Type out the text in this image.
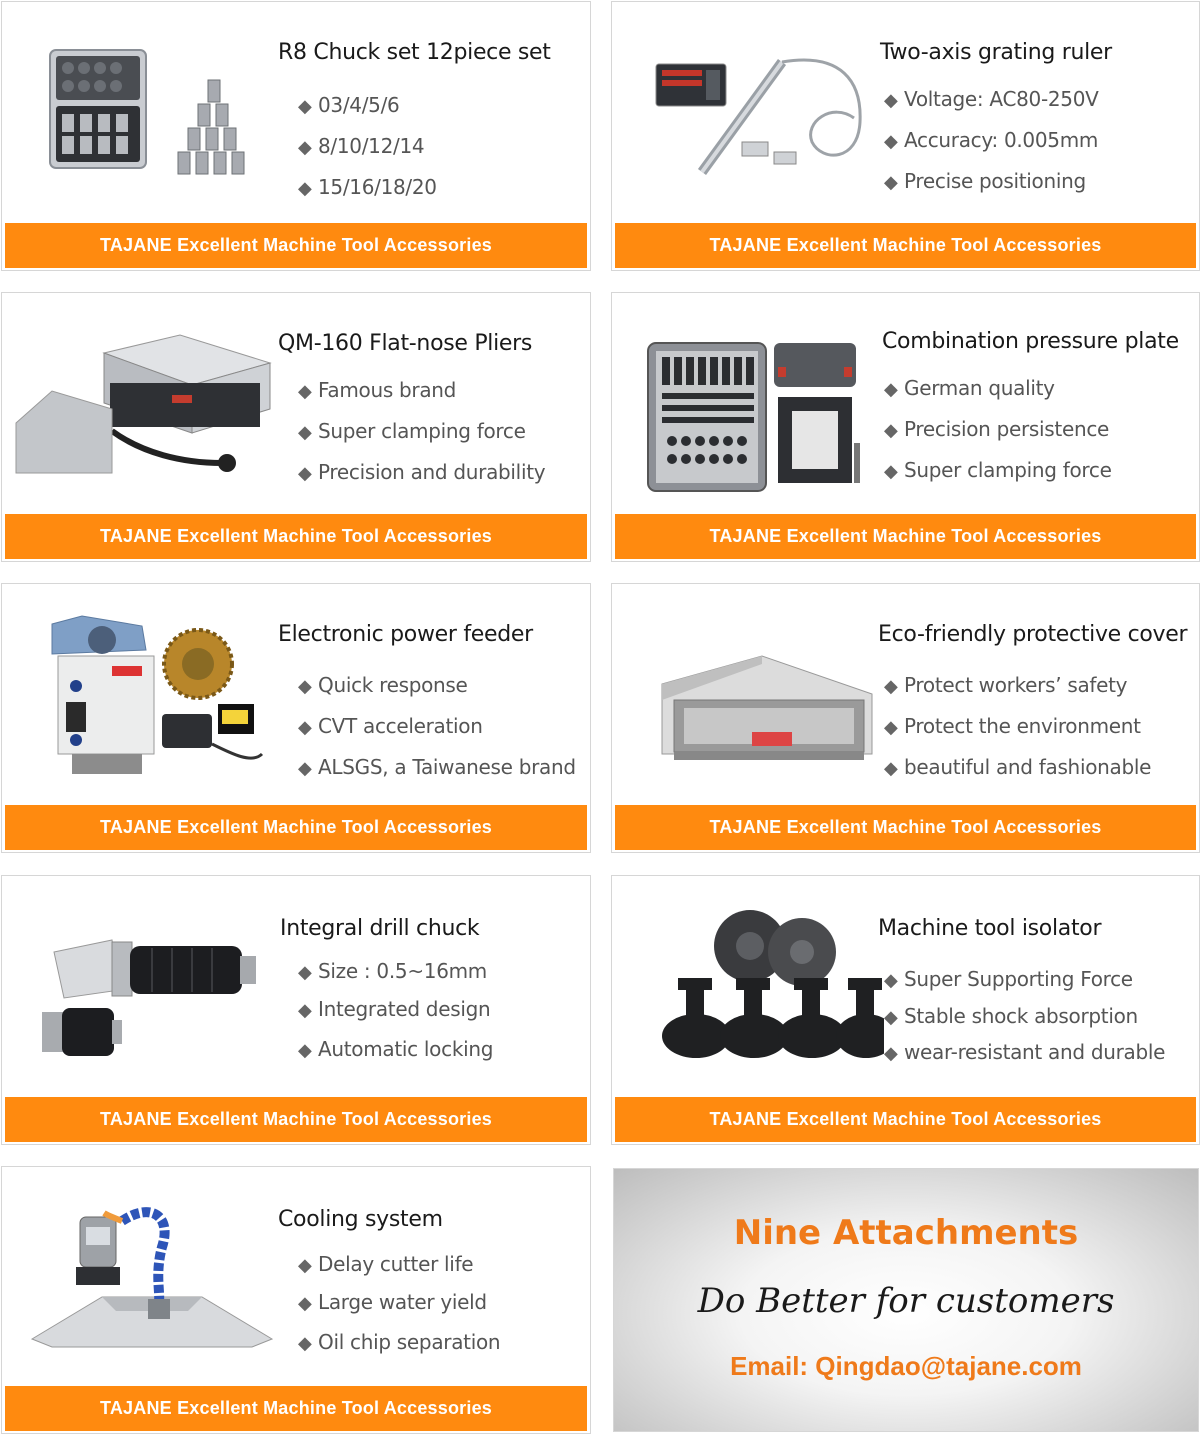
R8 Chuck set 12piece set
◆ 03/4/5/6
◆ 8/10/12/14
◆ 15/16/18/20
TAJANE Excellent Machine Tool Accessories
Two-axis grating ruler
◆ Voltage: AC80-250V
◆ Accuracy: 0.005mm
◆ Precise positioning
TAJANE Excellent Machine Tool Accessories
QM-160 Flat-nose Pliers
◆ Famous brand
◆ Super clamping force
◆ Precision and durability
TAJANE Excellent Machine Tool Accessories
Combination pressure plate
◆ German quality
◆ Precision persistence
◆ Super clamping force
TAJANE Excellent Machine Tool Accessories
Electronic power feeder
◆ Quick response
◆ CVT acceleration
◆ ALSGS, a Taiwanese brand
TAJANE Excellent Machine Tool Accessories
Eco-friendly protective cover
◆ Protect workers’ safety
◆ Protect the environment
◆ beautiful and fashionable
TAJANE Excellent Machine Tool Accessories
Integral drill chuck
◆ Size : 0.5~16mm
◆ Integrated design
◆ Automatic locking
TAJANE Excellent Machine Tool Accessories
Machine tool isolator
◆ Super Supporting Force
◆ Stable shock absorption
◆ wear-resistant and durable
TAJANE Excellent Machine Tool Accessories
Cooling system
◆ Delay cutter life
◆ Large water yield
◆ Oil chip separation
TAJANE Excellent Machine Tool Accessories
Nine Attachments
Do Better for customers
Email: Qingdao@tajane.com
